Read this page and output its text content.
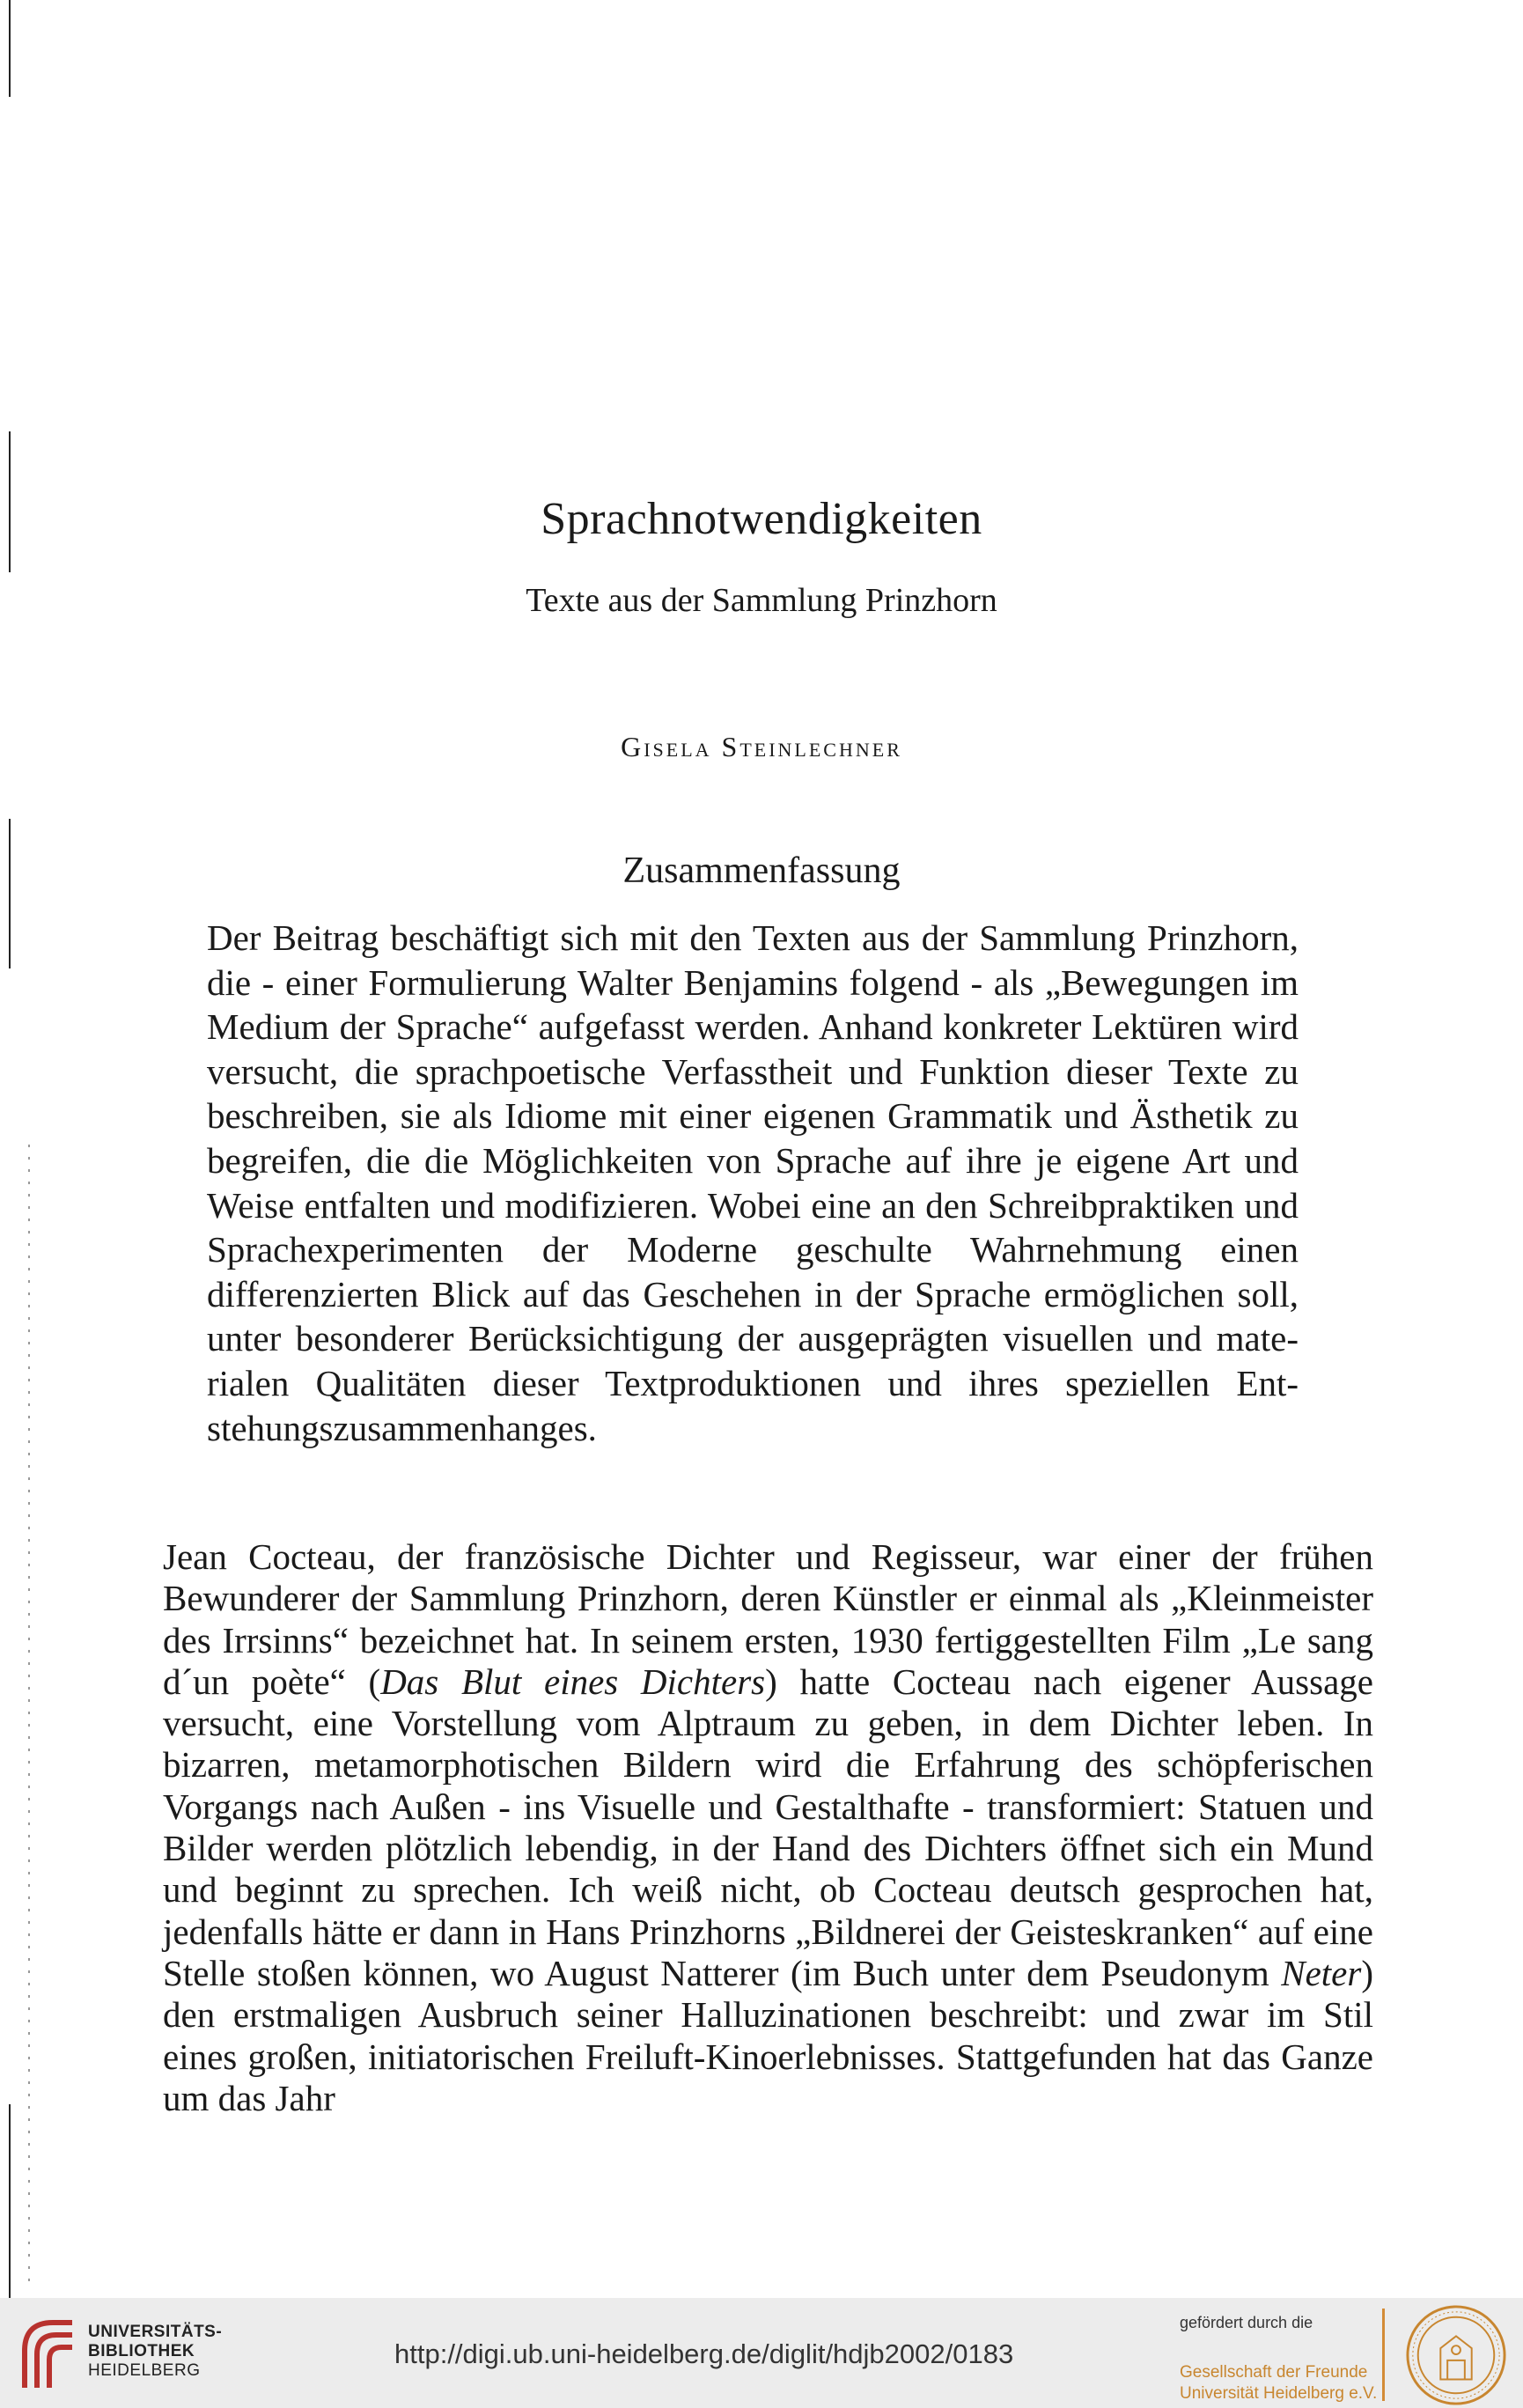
Sprachnotwendigkeiten
Texte aus der Sammlung Prinzhorn
Gisela Steinlechner
Zusammenfassung

Der Beitrag beschäftigt sich mit den Texten aus der Sammlung Prinzhorn, die - einer Formulierung Walter Benjamins folgend - als „Bewegungen im Medium der Sprache“ aufgefasst werden. Anhand konkreter Lektüren wird versucht, die sprachpoetische Verfasstheit und Funktion dieser Texte zu beschreiben, sie als Idiome mit einer eigenen Grammatik und Ästhetik zu begreifen, die die Möglichkeiten von Sprache auf ihre je eigene Art und Weise entfalten und modifizieren. Wobei eine an den Schreibpraktiken und Sprachexperimenten der Moderne geschulte Wahrnehmung einen differenzierten Blick auf das Geschehen in der Sprache ermöglichen soll, unter besonderer Berücksichtigung der ausgeprägten visuellen und materialen Qualitäten dieser Textproduktionen und ihres speziellen Entstehungszusammenhanges.

Jean Cocteau, der französische Dichter und Regisseur, war einer der frühen Bewunderer der Sammlung Prinzhorn, deren Künstler er einmal als „Kleinmeister des Irrsinns“ bezeichnet hat. In seinem ersten, 1930 fertiggestellten Film „Le sang d´un poète“ (Das Blut eines Dichters) hatte Cocteau nach eigener Aussage versucht, eine Vorstellung vom Alptraum zu geben, in dem Dichter leben. In bizarren, metamorphotischen Bildern wird die Erfahrung des schöpferischen Vorgangs nach Außen - ins Visuelle und Gestalthafte - transformiert: Statuen und Bilder werden plötzlich lebendig, in der Hand des Dichters öffnet sich ein Mund und beginnt zu sprechen. Ich weiß nicht, ob Cocteau deutsch gesprochen hat, jedenfalls hätte er dann in Hans Prinzhorns „Bildnerei der Geisteskranken“ auf eine Stelle stoßen können, wo August Natterer (im Buch unter dem Pseudonym Neter) den erstmaligen Ausbruch seiner Halluzinationen beschreibt: und zwar im Stil eines großen, initiatorischen Freiluft-Kinoerlebnisses. Stattgefunden hat das Ganze um das Jahr

UNIVERSITÄTS-
BIBLIOTHEK
HEIDELBERG
http://digi.ub.uni-heidelberg.de/diglit/hdjb2002/0183
gefördert durch die
Gesellschaft der Freunde
Universität Heidelberg e.V.
